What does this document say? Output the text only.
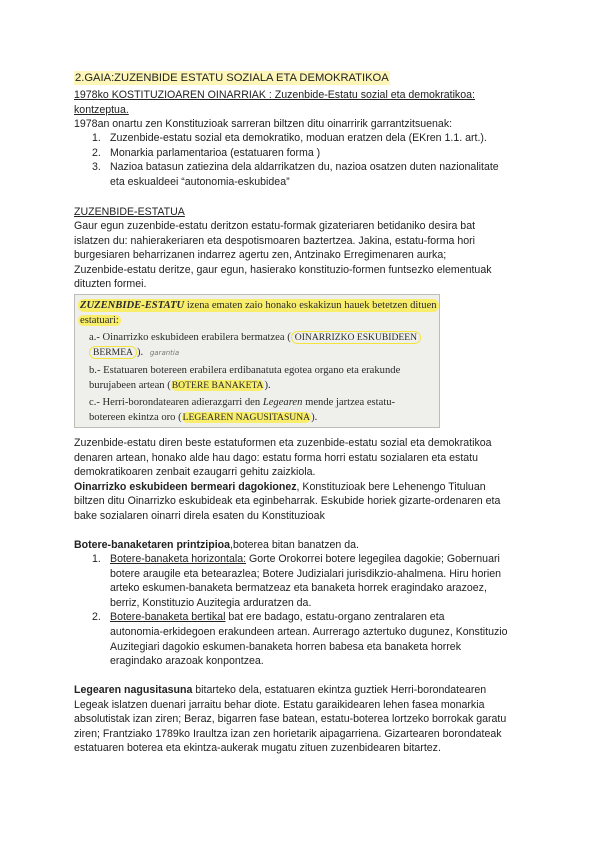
2.GAIA:ZUZENBIDE ESTATU SOZIALA ETA DEMOKRATIKOA
1978ko KOSTITUZIOAREN OINARRIAK : Zuzenbide-Estatu sozial eta demokratikoa:
kontzeptua.
1978an onartu zen Konstituzioak sarreran biltzen ditu oinarririk garrantzitsuenak:
1. Zuzenbide-estatu sozial eta demokratiko, moduan eratzen dela (EKren 1.1. art.).
2. Monarkia parlamentarioa (estatuaren forma )
3. Nazioa batasun zatiezina dela aldarrikatzen du, nazioa osatzen duten nazionalitate
eta eskualdeei “autonomia-eskubidea”
ZUZENBIDE-ESTATUA
Gaur egun zuzenbide-estatu deritzon estatu-formak gizateriaren betidaniko desira bat
islatzen du: nahierakeriaren eta despotismoaren baztertzea. Jakina, estatu-forma hori
burgesiaren beharrizanen indarrez agertu zen, Antzinako Erregimenaren aurka;
Zuzenbide-estatu deritze, gaur egun, hasierako konstituzio-formen funtsezko elementuak
dituzten formei.
ZUZENBIDE-ESTATU izena ematen zaio honako eskakizun hauek betetzen dituen
estatuari:
a.- Oinarrizko eskubideen erabilera bermatzea ( OINARRIZKO ESKUBIDEEN
BERMEA ). garantia
b.- Estatuaren botereen erabilera erdibanatuta egotea organo eta erakunde
burujabeen artean (BOTERE BANAKETA).
c.- Herri-borondatearen adierazgarri den Legearen mende jartzea estatu-
botereen ekintza oro (LEGEAREN NAGUSITASUNA).
Zuzenbide-estatu diren beste estatuformen eta zuzenbide-estatu sozial eta demokratikoa
denaren artean, honako alde hau dago: estatu forma horri estatu sozialaren eta estatu
demokratikoaren zenbait ezaugarri gehitu zaizkiola.
Oinarrizko eskubideen bermeari dagokionez, Konstituzioak bere Lehenengo Tituluan
biltzen ditu Oinarrizko eskubideak eta eginbeharrak. Eskubide horiek gizarte-ordenaren eta
bake sozialaren oinarri direla esaten du Konstituzioak
Botere-banaketaren printzipioa,boterea bitan banatzen da.
1. Botere-banaketa horizontala: Gorte Orokorrei botere legegilea dagokie; Gobernuari
botere araugile eta betearazlea; Botere Judizialari jurisdikzio-ahalmena. Hiru horien
arteko eskumen-banaketa bermatzeaz eta banaketa horrek eragindako arazoez,
berriz, Konstituzio Auzitegia arduratzen da.
2. Botere-banaketa bertikal bat ere badago, estatu-organo zentralaren eta
autonomia-erkidegoen erakundeen artean. Aurrerago aztertuko dugunez, Konstituzio
Auzitegiari dagokio eskumen-banaketa horren babesa eta banaketa horrek
eragindako arazoak konpontzea.
Legearen nagusitasuna bitarteko dela, estatuaren ekintza guztiek Herri-borondatearen
Legeak islatzen duenari jarraitu behar diote. Estatu garaikidearen lehen fasea monarkia
absolutistak izan ziren; Beraz, bigarren fase batean, estatu-boterea lortzeko borrokak garatu
ziren; Frantziako 1789ko Iraultza izan zen horietarik aipagarriena. Gizartearen borondateak
estatuaren boterea eta ekintza-aukerak mugatu zituen zuzenbidearen bitartez.
